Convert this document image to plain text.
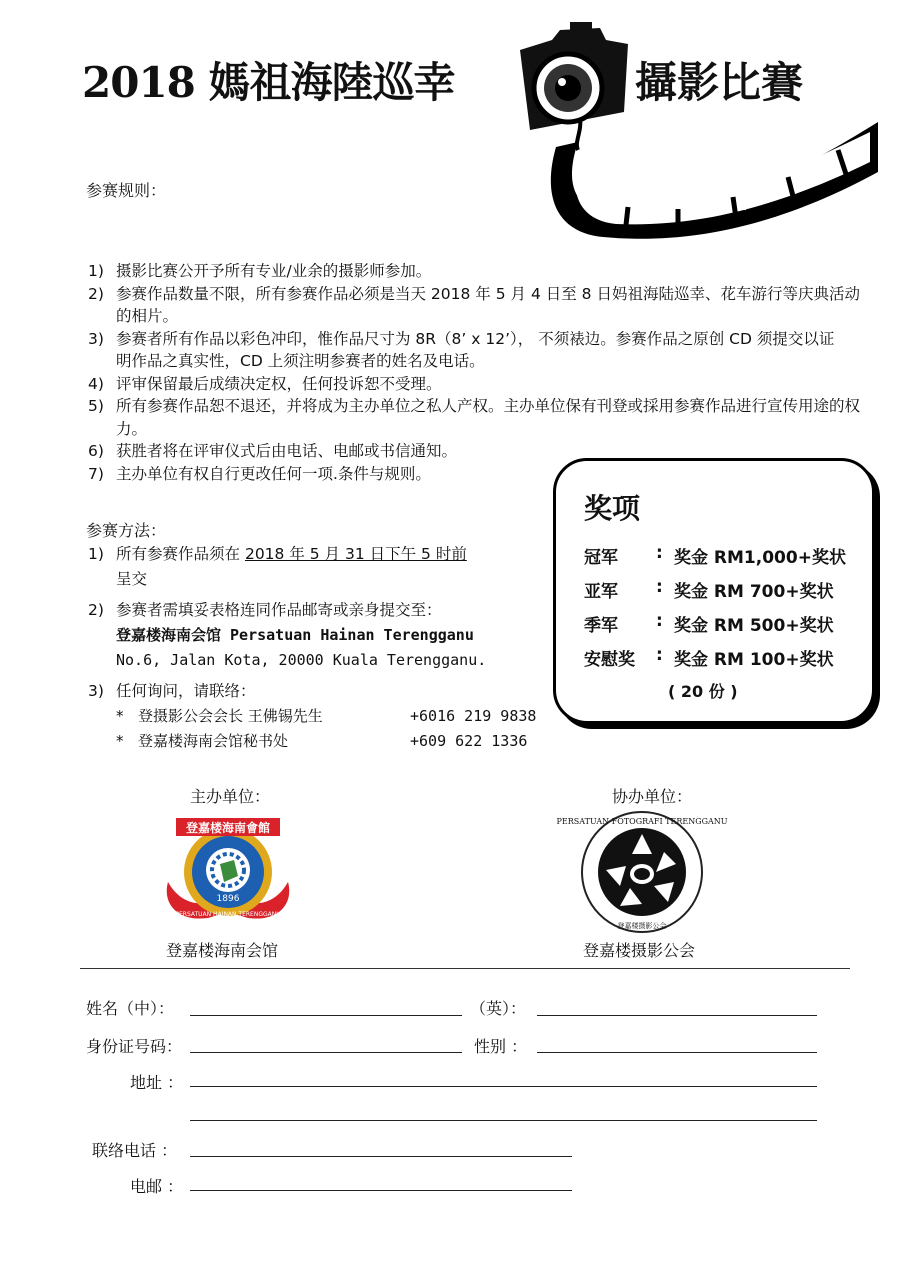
2018 媽祖海陸巡幸	攝影比賽
参赛规则：
1) 摄影比赛公开予所有专业/业余的摄影师参加。
2) 参赛作品数量不限，所有参赛作品必须是当天 2018 年 5 月 4 日至 8 日妈祖海陆巡幸、花车游行等庆典活动的相片。
3) 参赛者所有作品以彩色冲印，惟作品尺寸为 8R（8’ x 12’）， 不须裱边。参赛作品之原创 CD 须提交以证明作品之真实性，CD 上须注明参赛者的姓名及电话。
4) 评审保留最后成绩决定权，任何投诉恕不受理。
5) 所有参赛作品恕不退还，并将成为主办单位之私人产权。主办单位保有刊登或採用参赛作品进行宣传用途的权力。
6) 获胜者将在评审仪式后由电话、电邮或书信通知。
7) 主办单位有权自行更改任何一项.条件与规则。
参赛方法：
1) 所有参赛作品须在 2018 年 5 月 31 日下午 5 时前
呈交
2) 参赛者需填妥表格连同作品邮寄或亲身提交至：
登嘉楼海南会馆 Persatuan Hainan Terengganu
No.6, Jalan Kota, 20000 Kuala Terengganu.
3) 任何询问，请联络：
* 登摄影公会会长 王佛锡先生	+6016 219 9838
* 登嘉楼海南会馆秘书处	+609 622 1336
奖项
冠军	: 奖金 RM1,000+奖状
亚军	: 奖金 RM 700+奖状
季军	: 奖金 RM 500+奖状
安慰奖	: 奖金 RM 100+奖状
( 20 份 )
主办单位：	协办单位：
登嘉楼海南會館
1896
PERSATUAN HAINAN TERENGGANU
PERSATUAN FOTOGRAFI TERENGGANU
登嘉楼摄影公会
登嘉楼海南会馆	登嘉楼摄影公会
姓名（中）：	（英）：
身份证号码：	性别 ：
地址 ：
联络电话 ：
电邮 ：
